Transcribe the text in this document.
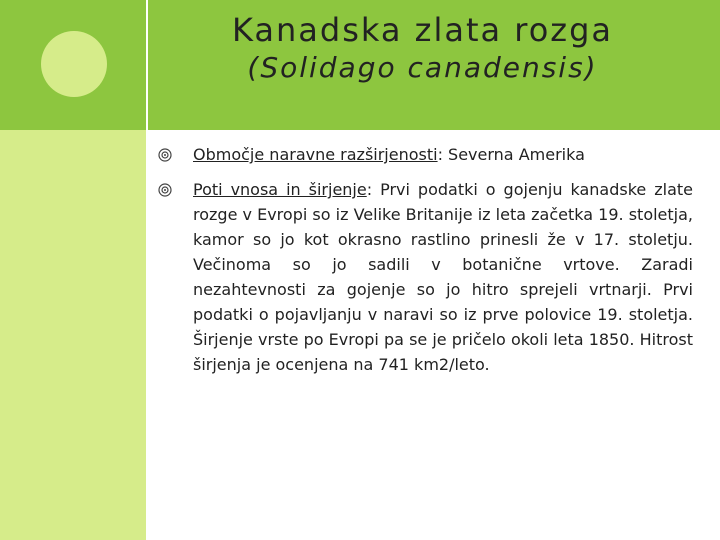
Kanadska zlata rozga
(Solidago canadensis)

Območje naravne razširjenosti: Severna Amerika

Poti vnosa in širjenje: Prvi podatki o gojenju kanadske zlate rozge v Evropi so iz Velike Britanije iz leta začetka 19. stoletja, kamor so jo kot okrasno rastlino prinesli že v 17. stoletju. Večinoma so jo sadili v botanične vrtove. Zaradi nezahtevnosti za gojenje so jo hitro sprejeli vrtnarji. Prvi podatki o pojavljanju v naravi so iz prve polovice 19. stoletja. Širjenje vrste po Evropi pa se je pričelo okoli leta 1850. Hitrost širjenja je ocenjena na 741 km2/leto.
